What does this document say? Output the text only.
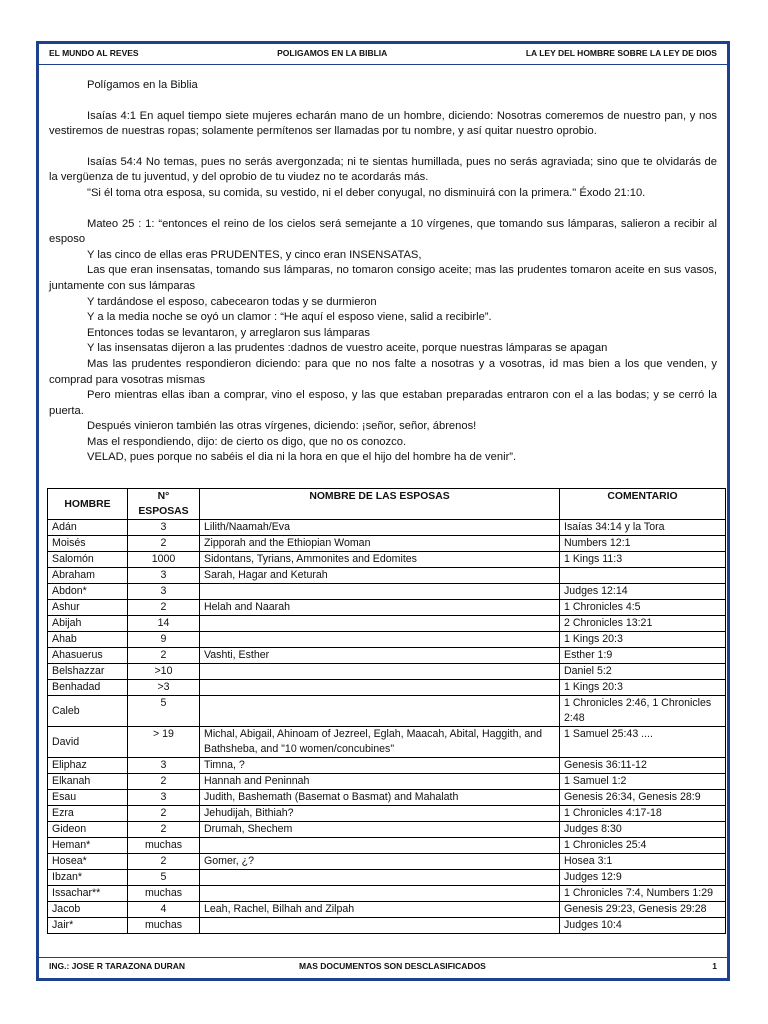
EL MUNDO AL REVES	POLIGAMOS EN LA BIBLIA	LA LEY DEL HOMBRE SOBRE LA LEY DE DIOS

Polígamos en la Biblia

Isaías 4:1 En aquel tiempo siete mujeres echarán mano de un hombre, diciendo: Nosotras comeremos de nuestro pan, y nos vestiremos de nuestras ropas; solamente permítenos ser llamadas por tu nombre, y así quitar nuestro oprobio.

Isaías 54:4 No temas, pues no serás avergonzada; ni te sientas humillada, pues no serás agraviada; sino que te olvidarás de la vergüenza de tu juventud, y del oprobio de tu viudez no te acordarás más.

"Si él toma otra esposa, su comida, su vestido, ni el deber conyugal, no disminuirá con la primera." Éxodo 21:10.

Mateo 25 : 1: “entonces el reino de los cielos será semejante a 10 vírgenes, que tomando sus lámparas, salieron a recibir al esposo

Y las cinco de ellas eras PRUDENTES, y cinco eran INSENSATAS,

Las que eran insensatas, tomando sus lámparas, no tomaron consigo aceite; mas las prudentes tomaron aceite en sus vasos, juntamente con sus lámparas

Y tardándose el esposo, cabecearon todas y se durmieron

Y a la media noche se oyó un clamor : “He aquí el esposo viene, salid a recibirle”.

Entonces todas se levantaron, y arreglaron sus lámparas

Y las insensatas dijeron a las prudentes :dadnos de vuestro aceite, porque nuestras lámparas se apagan

Mas las prudentes respondieron diciendo: para que no nos falte a nosotras y a vosotras, id mas bien a los que venden, y comprad para vosotras mismas

Pero mientras ellas iban a comprar, vino el esposo, y las que estaban preparadas entraron con el a las bodas; y se cerró la puerta.

Después vinieron también las otras vírgenes, diciendo: ¡señor, señor, ábrenos!

Mas el respondiendo, dijo: de cierto os digo, que no os conozco.

VELAD, pues porque no sabéis el dia ni la hora en que el hijo del hombre ha de venir”.

HOMBRE	N° ESPOSAS	NOMBRE DE LAS ESPOSAS	COMENTARIO
Adán	3	Lilith/Naamah/Eva	Isaías 34:14 y la Tora
Moisés	2	Zipporah and the Ethiopian Woman	Numbers 12:1
Salomón	1000	Sidontans, Tyrians, Ammonites and Edomites	1 Kings 11:3
Abraham	3	Sarah, Hagar and Keturah	
Abdon*	3		Judges 12:14
Ashur	2	Helah and Naarah	1 Chronicles 4:5
Abijah	14		2 Chronicles 13:21
Ahab	9		1 Kings 20:3
Ahasuerus	2	Vashti, Esther	Esther 1:9
Belshazzar	>10		Daniel 5:2
Benhadad	>3		1 Kings 20:3
Caleb	5		1 Chronicles 2:46, 1 Chronicles 2:48
David	> 19	Michal, Abigail, Ahinoam of Jezreel, Eglah, Maacah, Abital, Haggith, and Bathsheba, and "10 women/concubines"	1 Samuel 25:43 ....
Eliphaz	3	Timna, ?	Genesis 36:11-12
Elkanah	2	Hannah and Peninnah	1 Samuel 1:2
Esau	3	Judith, Bashemath (Basemat o Basmat) and Mahalath	Genesis 26:34, Genesis 28:9
Ezra	2	Jehudijah, Bithiah?	1 Chronicles 4:17-18
Gideon	2	Drumah, Shechem	Judges 8:30
Heman*	muchas		1 Chronicles 25:4
Hosea*	2	Gomer, ¿?	Hosea 3:1
Ibzan*	5		Judges 12:9
Issachar**	muchas		1 Chronicles 7:4, Numbers 1:29
Jacob	4	Leah, Rachel, Bilhah and Zilpah	Genesis 29:23, Genesis 29:28
Jair*	muchas		Judges 10:4
ING.: JOSE R TARAZONA DURAN	MAS DOCUMENTOS SON DESCLASIFICADOS	1
